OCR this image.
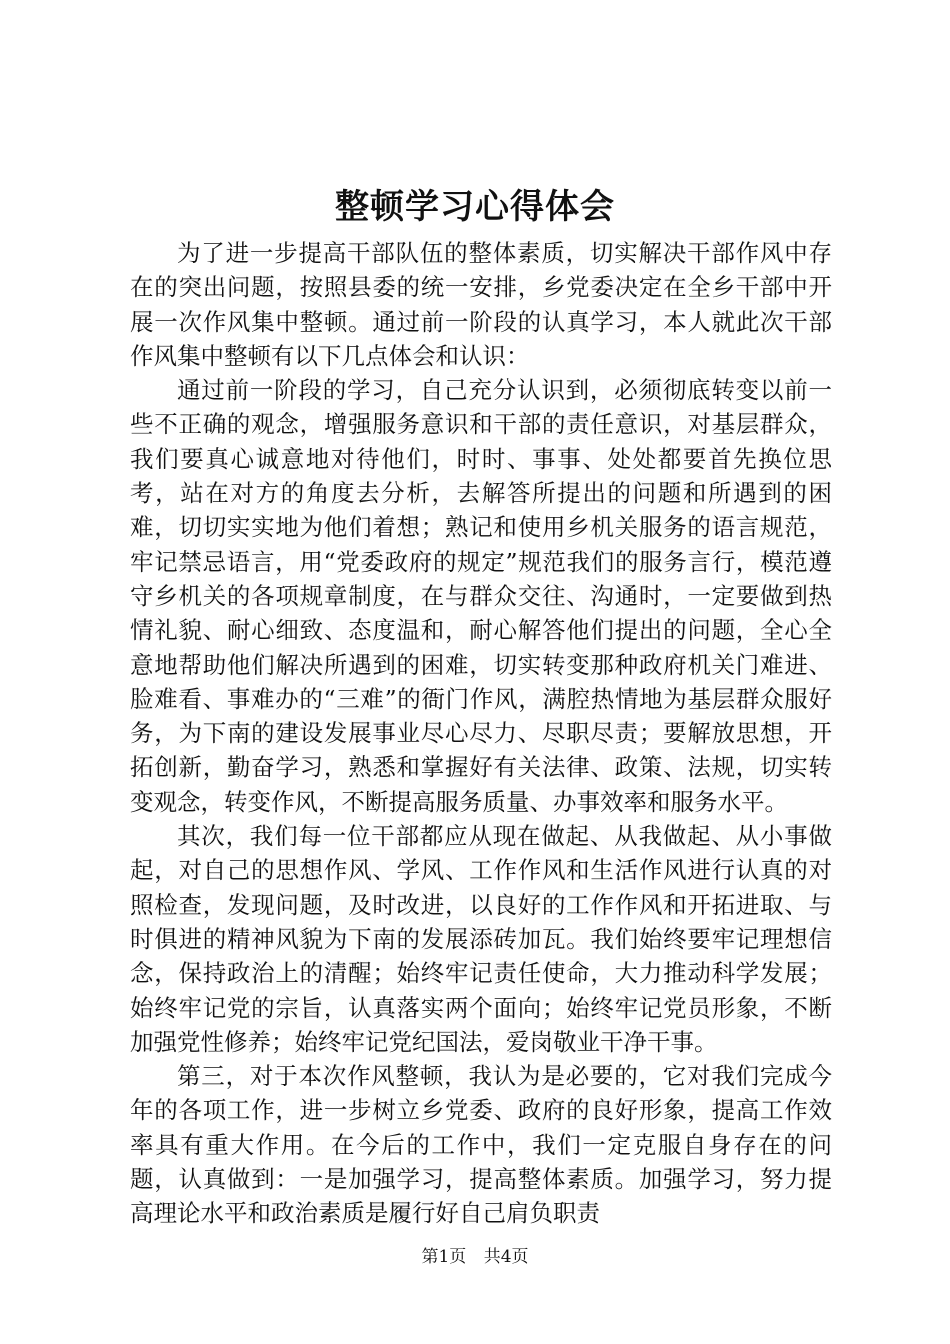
整顿学习心得体会

为了进一步提高干部队伍的整体素质，切实解决干部作风中存在的突出问题，按照县委的统一安排，乡党委决定在全乡干部中开展一次作风集中整顿。通过前一阶段的认真学习，本人就此次干部作风集中整顿有以下几点体会和认识：

通过前一阶段的学习，自己充分认识到，必须彻底转变以前一些不正确的观念，增强服务意识和干部的责任意识，对基层群众，我们要真心诚意地对待他们，时时、事事、处处都要首先换位思考，站在对方的角度去分析，去解答所提出的问题和所遇到的困难，切切实实地为他们着想；熟记和使用乡机关服务的语言规范，牢记禁忌语言，用“党委政府的规定”规范我们的服务言行，模范遵守乡机关的各项规章制度，在与群众交往、沟通时，一定要做到热情礼貌、耐心细致、态度温和，耐心解答他们提出的问题，全心全意地帮助他们解决所遇到的困难，切实转变那种政府机关门难进、脸难看、事难办的“三难”的衙门作风，满腔热情地为基层群众服好务，为下南的建设发展事业尽心尽力、尽职尽责；要解放思想，开拓创新，勤奋学习，熟悉和掌握好有关法律、政策、法规，切实转变观念，转变作风，不断提高服务质量、办事效率和服务水平。

其次，我们每一位干部都应从现在做起、从我做起、从小事做起，对自己的思想作风、学风、工作作风和生活作风进行认真的对照检查，发现问题，及时改进，以良好的工作作风和开拓进取、与时俱进的精神风貌为下南的发展添砖加瓦。我们始终要牢记理想信念，保持政治上的清醒；始终牢记责任使命，大力推动科学发展；始终牢记党的宗旨，认真落实两个面向；始终牢记党员形象，不断加强党性修养；始终牢记党纪国法，爱岗敬业干净干事。

第三，对于本次作风整顿，我认为是必要的，它对我们完成今年的各项工作，进一步树立乡党委、政府的良好形象，提高工作效率具有重大作用。在今后的工作中，我们一定克服自身存在的问题，认真做到：一是加强学习，提高整体素质。加强学习，努力提高理论水平和政治素质是履行好自己肩负职责

第1页 共4页
